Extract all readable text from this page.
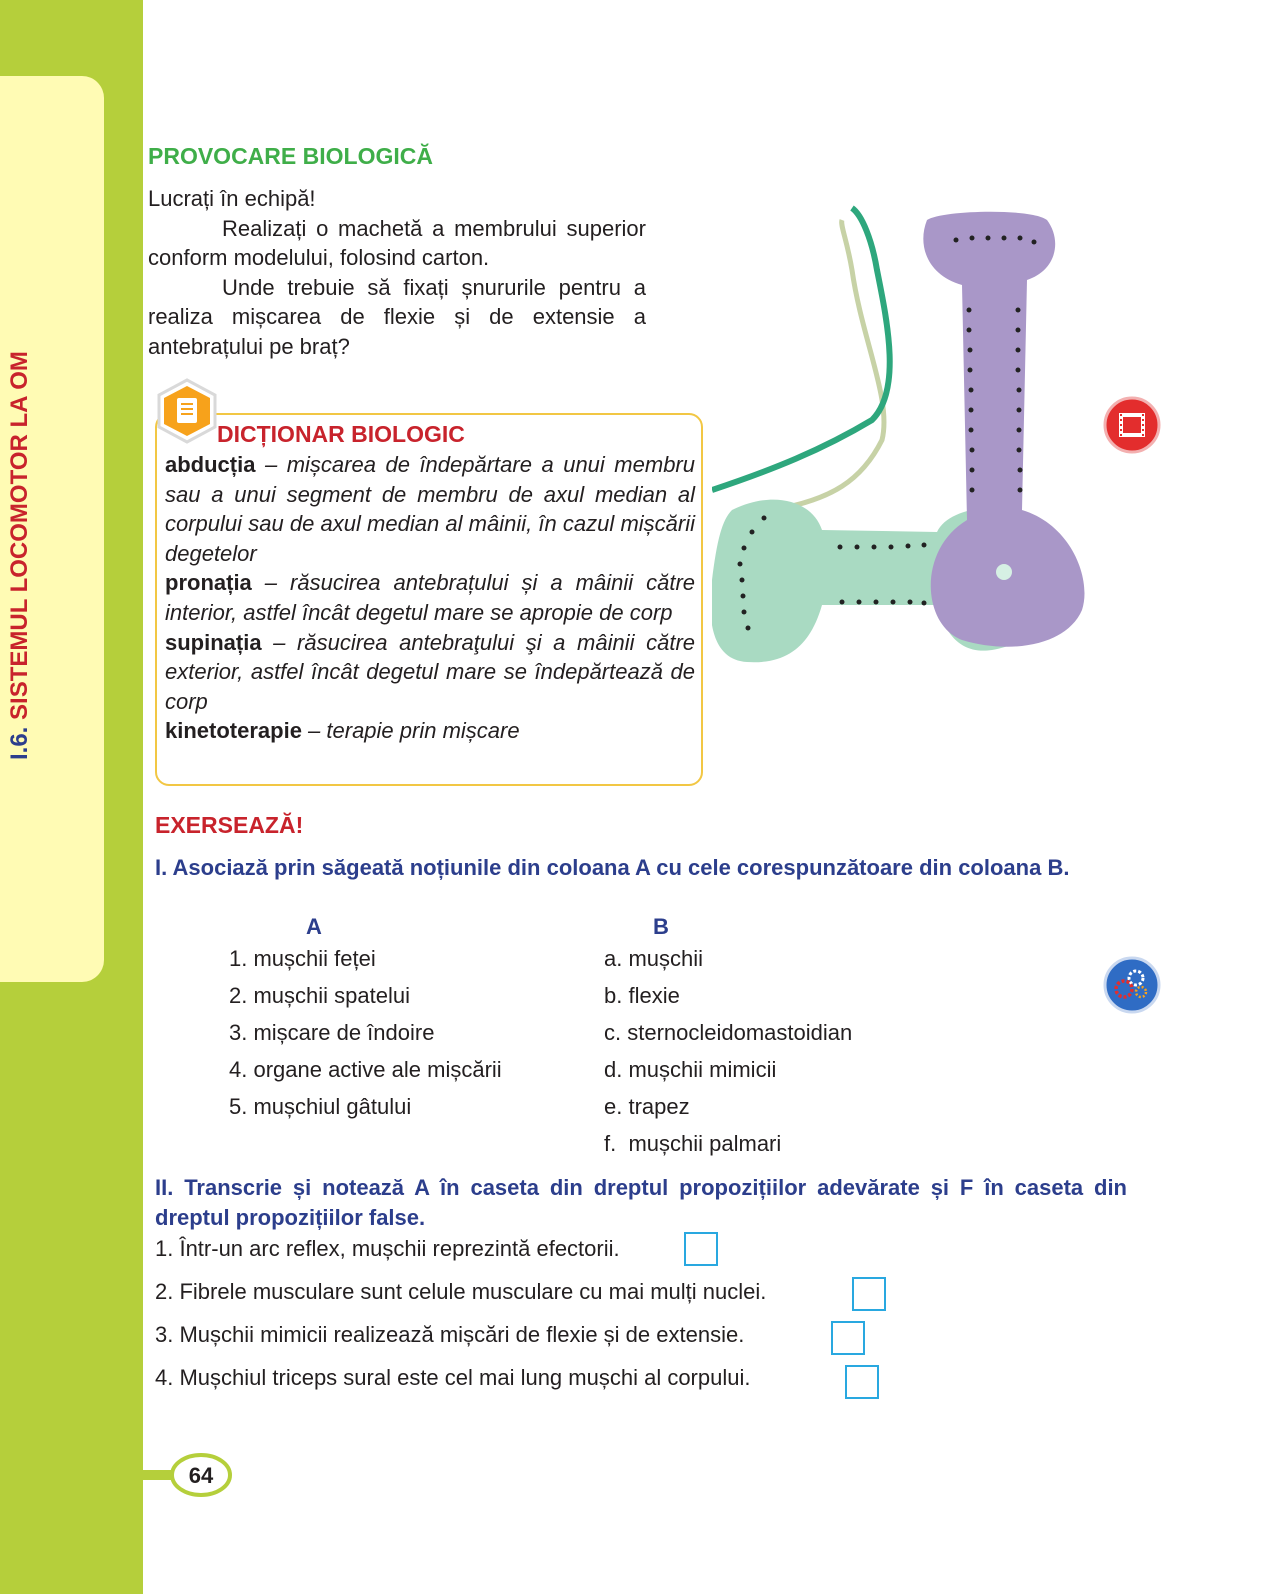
I.6. SISTEMUL LOCOMOTOR LA OM
PROVOCARE BIOLOGICĂ
Lucrați în echipă!
Realizați o machetă a membrului superior conform modelului, folosind carton.
Unde trebuie să fixați șnururile pentru a realiza mișcarea de flexie și de extensie a antebrațului pe braț?
DICȚIONAR BIOLOGIC
abducția – mișcarea de îndepărtare a unui membru sau a unui segment de membru de axul median al corpului sau de axul median al mâinii, în cazul mișcării degetelor
pronația – răsucirea antebrațului și a mâinii către interior, astfel încât degetul mare se apropie de corp
supinația – răsucirea antebraţului şi a mâinii către exterior, astfel încât degetul mare se îndepărtează de corp
kinetoterapie – terapie prin mișcare
EXERSEAZĂ!
I. Asociază prin săgeată noțiunile din coloana A cu cele corespunzătoare din coloana B.
A	B
1. mușchii feței
2. mușchii spatelui
3. mișcare de îndoire
4. organe active ale mișcării
5. mușchiul gâtului
a. mușchii
b. flexie
c. sternocleidomastoidian
d. mușchii mimicii
e. trapez
f.  mușchii palmari
II. Transcrie și notează A în caseta din dreptul propozițiilor adevărate și F în caseta din dreptul propozițiilor false.
1. Într-un arc reflex, mușchii reprezintă efectorii.
2. Fibrele musculare sunt celule musculare cu mai mulți nuclei.
3. Mușchii mimicii realizează mișcări de flexie și de extensie.
4. Mușchiul triceps sural este cel mai lung mușchi al corpului.
64
